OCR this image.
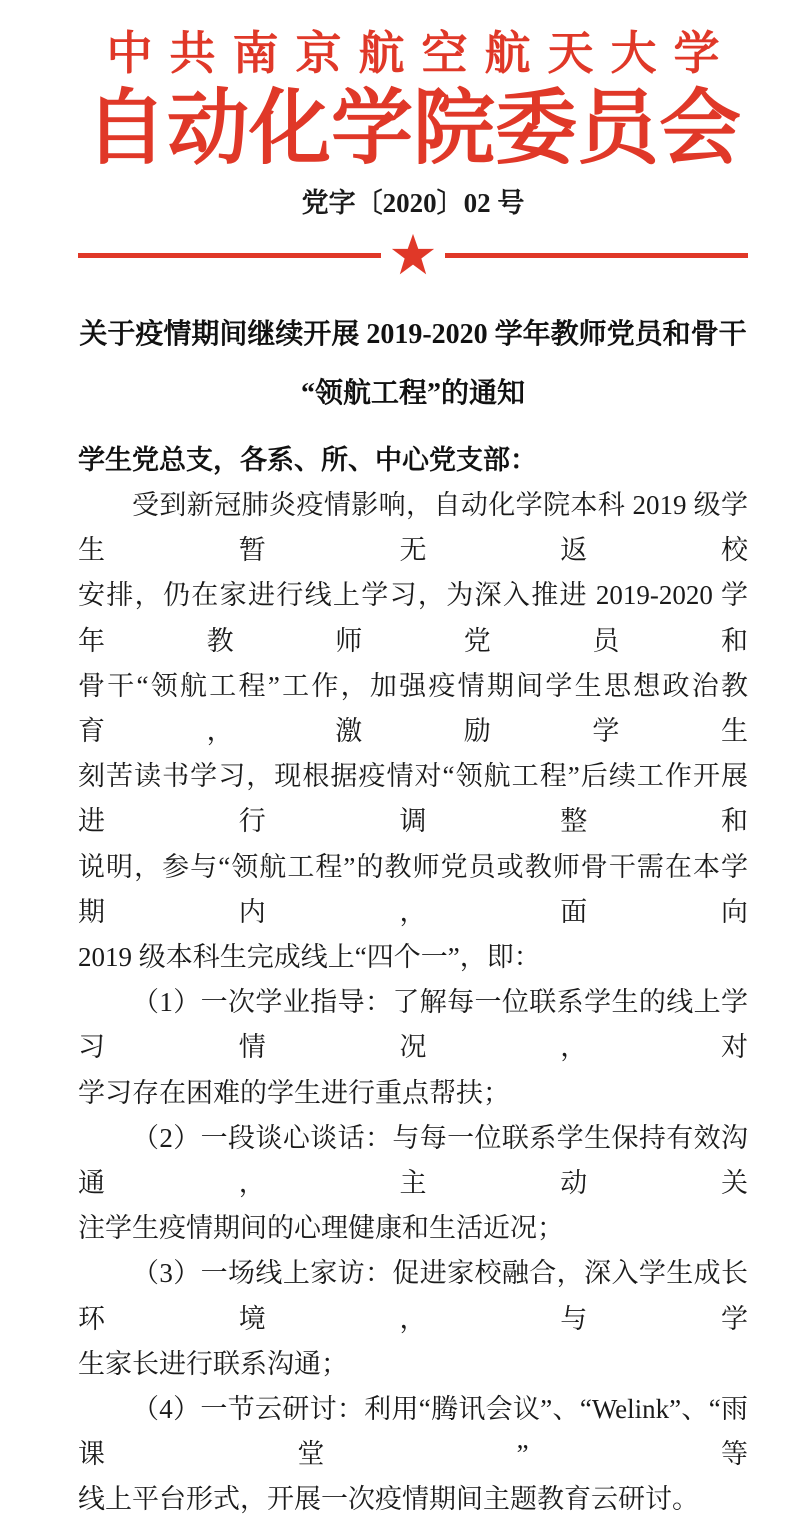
中共南京航空航天大学
自动化学院委员会
党字〔2020〕02 号
关于疫情期间继续开展 2019-2020 学年教师党员和骨干
“领航工程”的通知
学生党总支，各系、所、中心党支部：
受到新冠肺炎疫情影响，自动化学院本科 2019 级学生暂无返校
安排，仍在家进行线上学习，为深入推进 2019-2020 学年教师党员和
骨干“领航工程”工作，加强疫情期间学生思想政治教育，激励学生
刻苦读书学习，现根据疫情对“领航工程”后续工作开展进行调整和
说明，参与“领航工程”的教师党员或教师骨干需在本学期内，面向
2019 级本科生完成线上“四个一”，即：
（1）一次学业指导：了解每一位联系学生的线上学习情况，对
学习存在困难的学生进行重点帮扶；
（2）一段谈心谈话：与每一位联系学生保持有效沟通，主动关
注学生疫情期间的心理健康和生活近况；
（3）一场线上家访：促进家校融合，深入学生成长环境，与学
生家长进行联系沟通；
（4）一节云研讨：利用“腾讯会议”、“Welink”、“雨课堂”等
线上平台形式，开展一次疫情期间主题教育云研讨。
